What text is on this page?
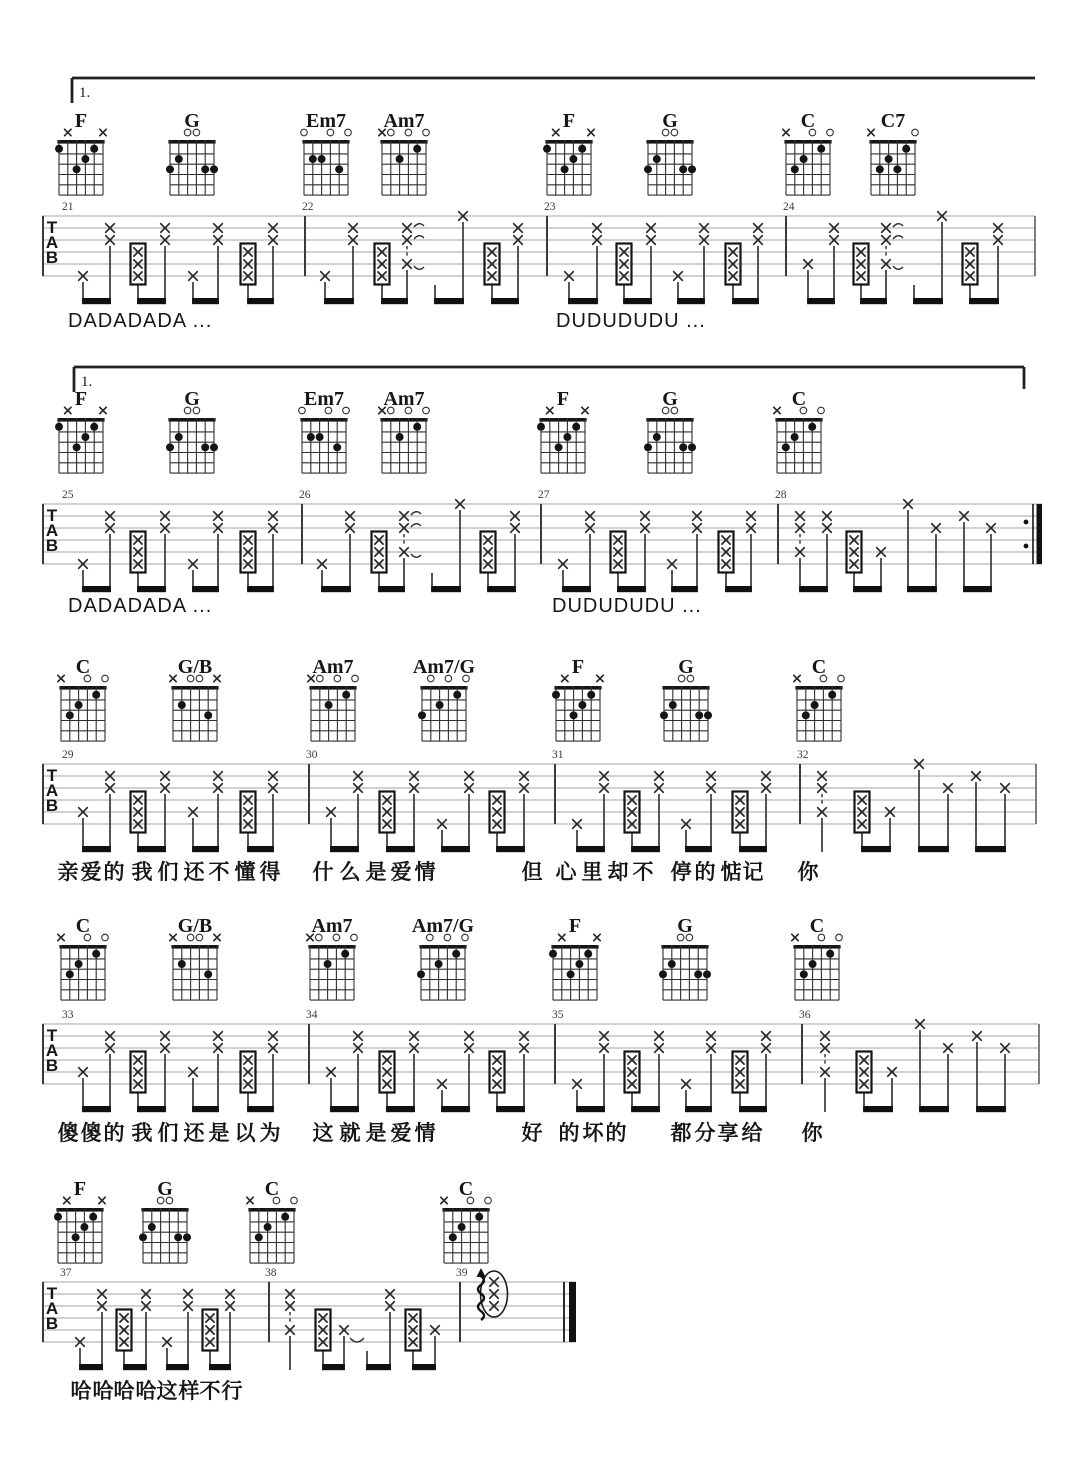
1.
F	G	Em7 Am7	F	G	C	C7
T
A
B
21	22	23	24
DADADADA ...	DUDUDUDU ...
1.
F	G	Em7 Am7	F	G	C
T
A
B
25	26	27	28
DADADADA ...	DUDUDUDU ...
C	G/B	Am7	Am7/G	F	G	C
T
A
B
29	30	31	32
亲 爱 的 我 们 还 不 懂 得 什 么 是 爱 情	但 心 里 却 不 停 的 惦 记 你
C	G/B	Am7	Am7/G	F	G	C
T
A
B
33	34	35	36
傻 傻 的 我 们 还 是 以 为 这 就 是 爱 情	好 的 坏 的 都 分 享 给 你
F	G	C	C
T
A
B
37	38	39
哈 哈 哈 哈 这 样 不 行
